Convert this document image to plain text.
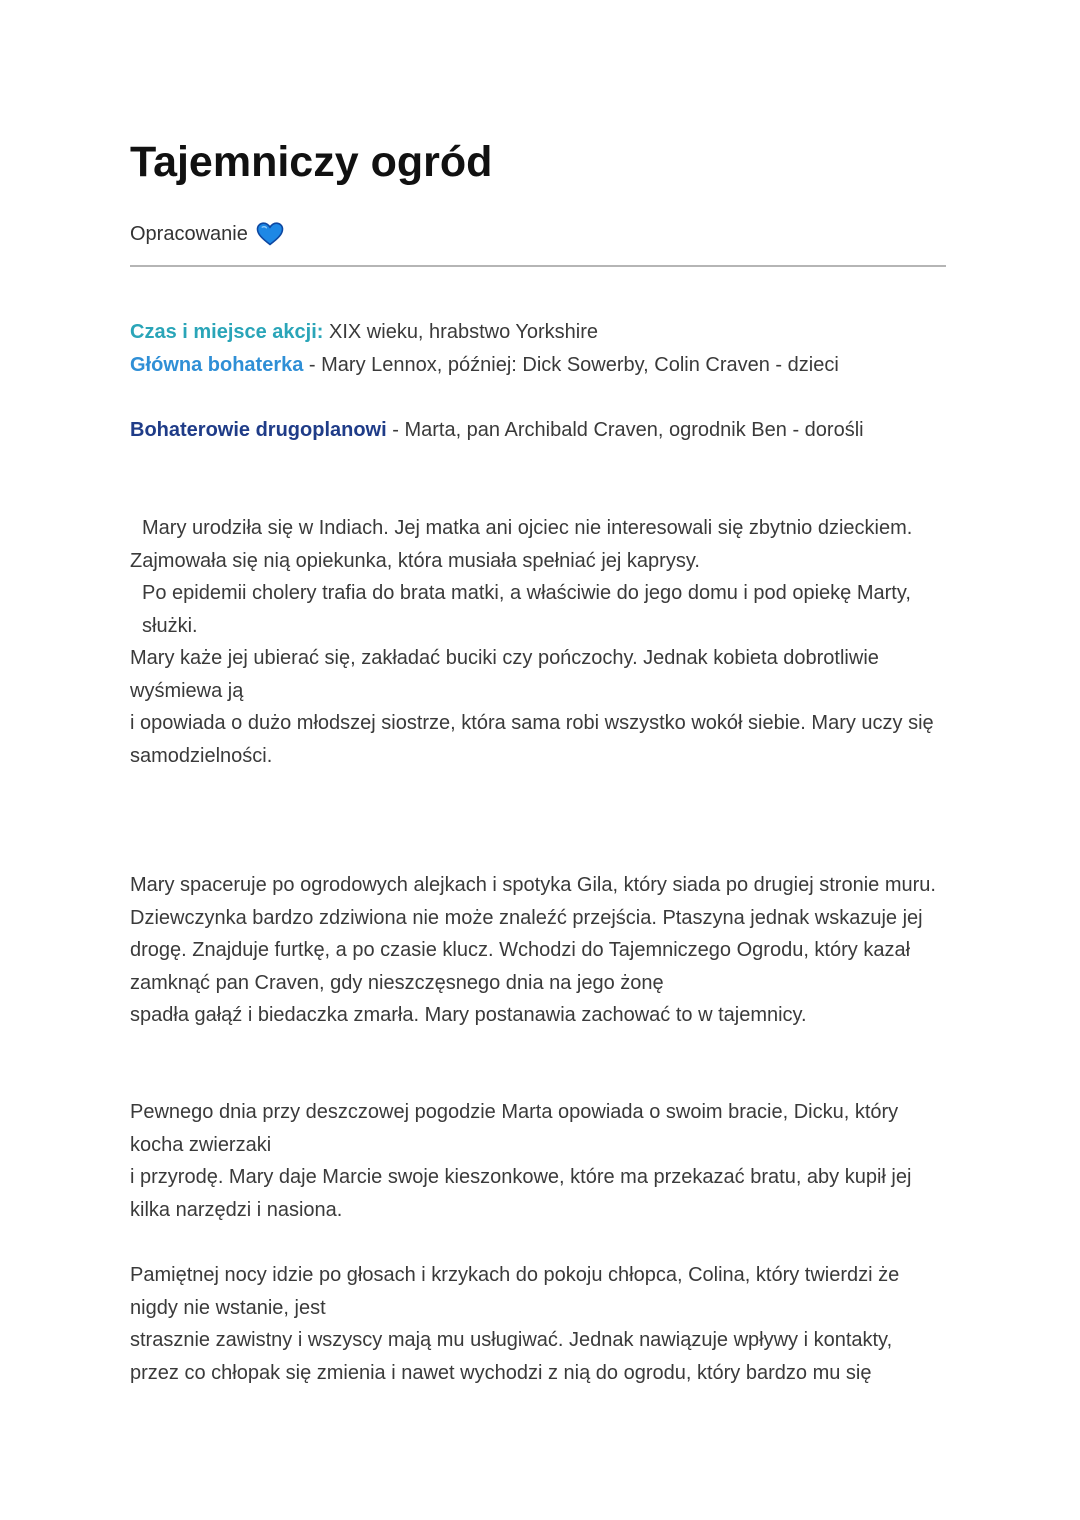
Tajemniczy ogród
Opracowanie
Czas i miejsce akcji: XIX wieku, hrabstwo Yorkshire
Główna bohaterka - Mary Lennox, później: Dick Sowerby, Colin Craven - dzieci
Bohaterowie drugoplanowi - Marta, pan Archibald Craven, ogrodnik Ben - dorośli

Mary urodziła się w Indiach. Jej matka ani ojciec nie interesowali się zbytnio dzieckiem.

Zajmowała się nią opiekunka, która musiała spełniać jej kaprysy.

Po epidemii cholery trafia do brata matki, a właściwie do jego domu i pod opiekę Marty, służki.

Mary każe jej ubierać się, zakładać buciki czy pończochy. Jednak kobieta dobrotliwie wyśmiewa ją

i opowiada o dużo młodszej siostrze, która sama robi wszystko wokół siebie. Mary uczy się samodzielności.

Mary spaceruje po ogrodowych alejkach i spotyka Gila, który siada po drugiej stronie muru. Dziewczynka bardzo zdziwiona nie może znaleźć przejścia. Ptaszyna jednak wskazuje jej drogę. Znajduje furtkę, a po czasie klucz. Wchodzi do Tajemniczego Ogrodu, który kazał zamknąć pan Craven, gdy nieszczęsnego dnia na jego żonę

spadła gałąź i biedaczka zmarła. Mary postanawia zachować to w tajemnicy.

Pewnego dnia przy deszczowej pogodzie Marta opowiada o swoim bracie, Dicku, który kocha zwierzaki

i przyrodę. Mary daje Marcie swoje kieszonkowe, które ma przekazać bratu, aby kupił jej kilka narzędzi i nasiona.

Pamiętnej nocy idzie po głosach i krzykach do pokoju chłopca, Colina, który twierdzi że nigdy nie wstanie, jest

strasznie zawistny i wszyscy mają mu usługiwać. Jednak nawiązuje wpływy i kontakty, przez co chłopak się zmienia i nawet wychodzi z nią do ogrodu, który bardzo mu się
